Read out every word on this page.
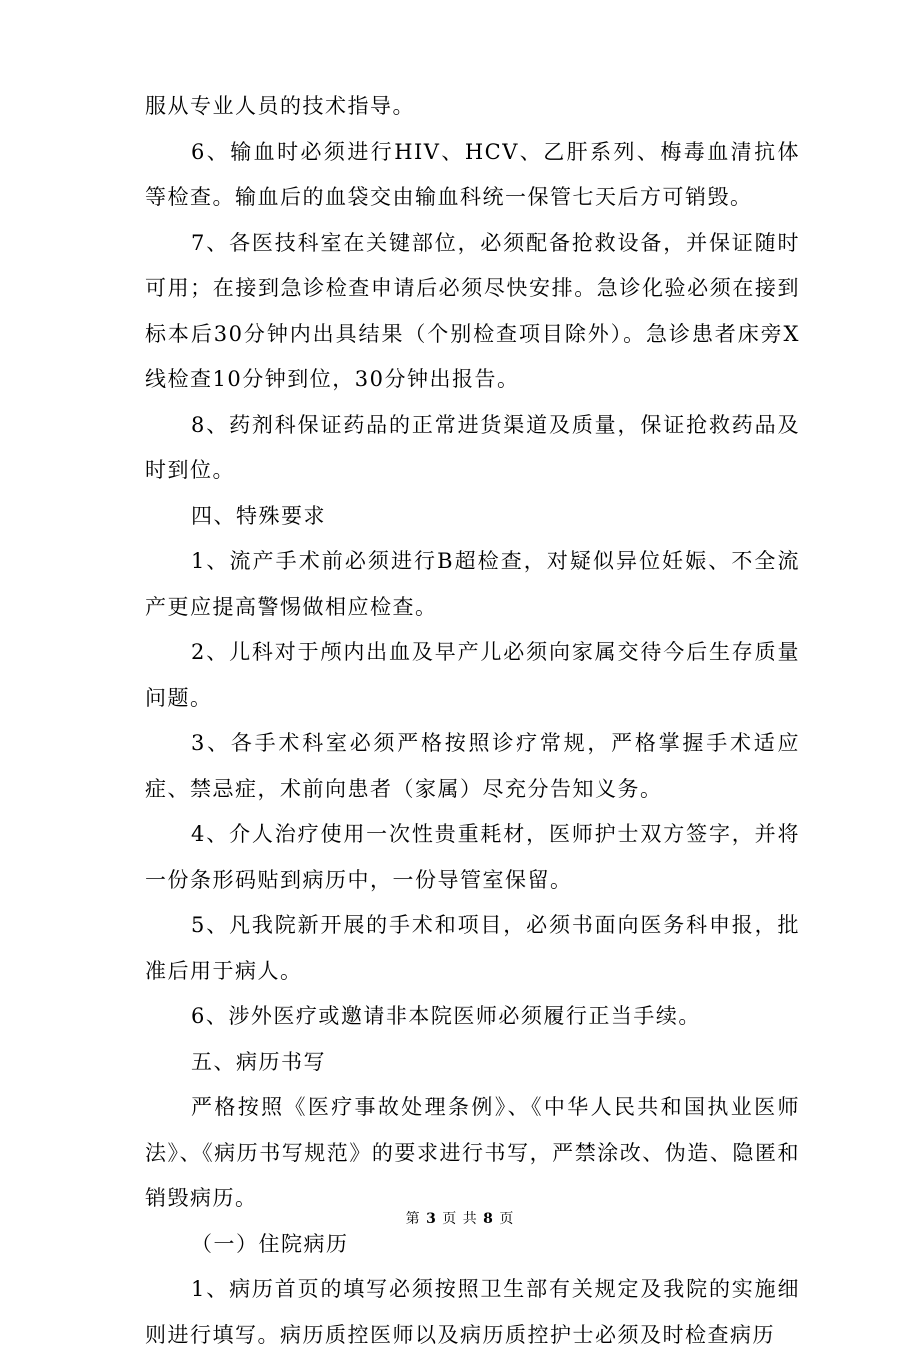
服从专业人员的技术指导。

6、输血时必须进行HIV、HCV、乙肝系列、梅毒血清抗体等检查。输血后的血袋交由输血科统一保管七天后方可销毁。

7、各医技科室在关键部位，必须配备抢救设备，并保证随时可用；在接到急诊检查申请后必须尽快安排。急诊化验必须在接到标本后30分钟内出具结果（个别检查项目除外）。急诊患者床旁X线检查10分钟到位，30分钟出报告。

8、药剂科保证药品的正常进货渠道及质量，保证抢救药品及时到位。

四、特殊要求

1、流产手术前必须进行B超检查，对疑似异位妊娠、不全流产更应提高警惕做相应检查。

2、儿科对于颅内出血及早产儿必须向家属交待今后生存质量问题。

3、各手术科室必须严格按照诊疗常规，严格掌握手术适应症、禁忌症，术前向患者（家属）尽充分告知义务。

4、介人治疗使用一次性贵重耗材，医师护士双方签字，并将一份条形码贴到病历中，一份导管室保留。

5、凡我院新开展的手术和项目，必须书面向医务科申报，批准后用于病人。

6、涉外医疗或邀请非本院医师必须履行正当手续。

五、病历书写

严格按照《医疗事故处理条例》、《中华人民共和国执业医师法》、《病历书写规范》的要求进行书写，严禁涂改、伪造、隐匿和销毁病历。

（一）住院病历

1、病历首页的填写必须按照卫生部有关规定及我院的实施细则进行填写。病历质控医师以及病历质控护士必须及时检查病历

第 3 页 共 8 页
